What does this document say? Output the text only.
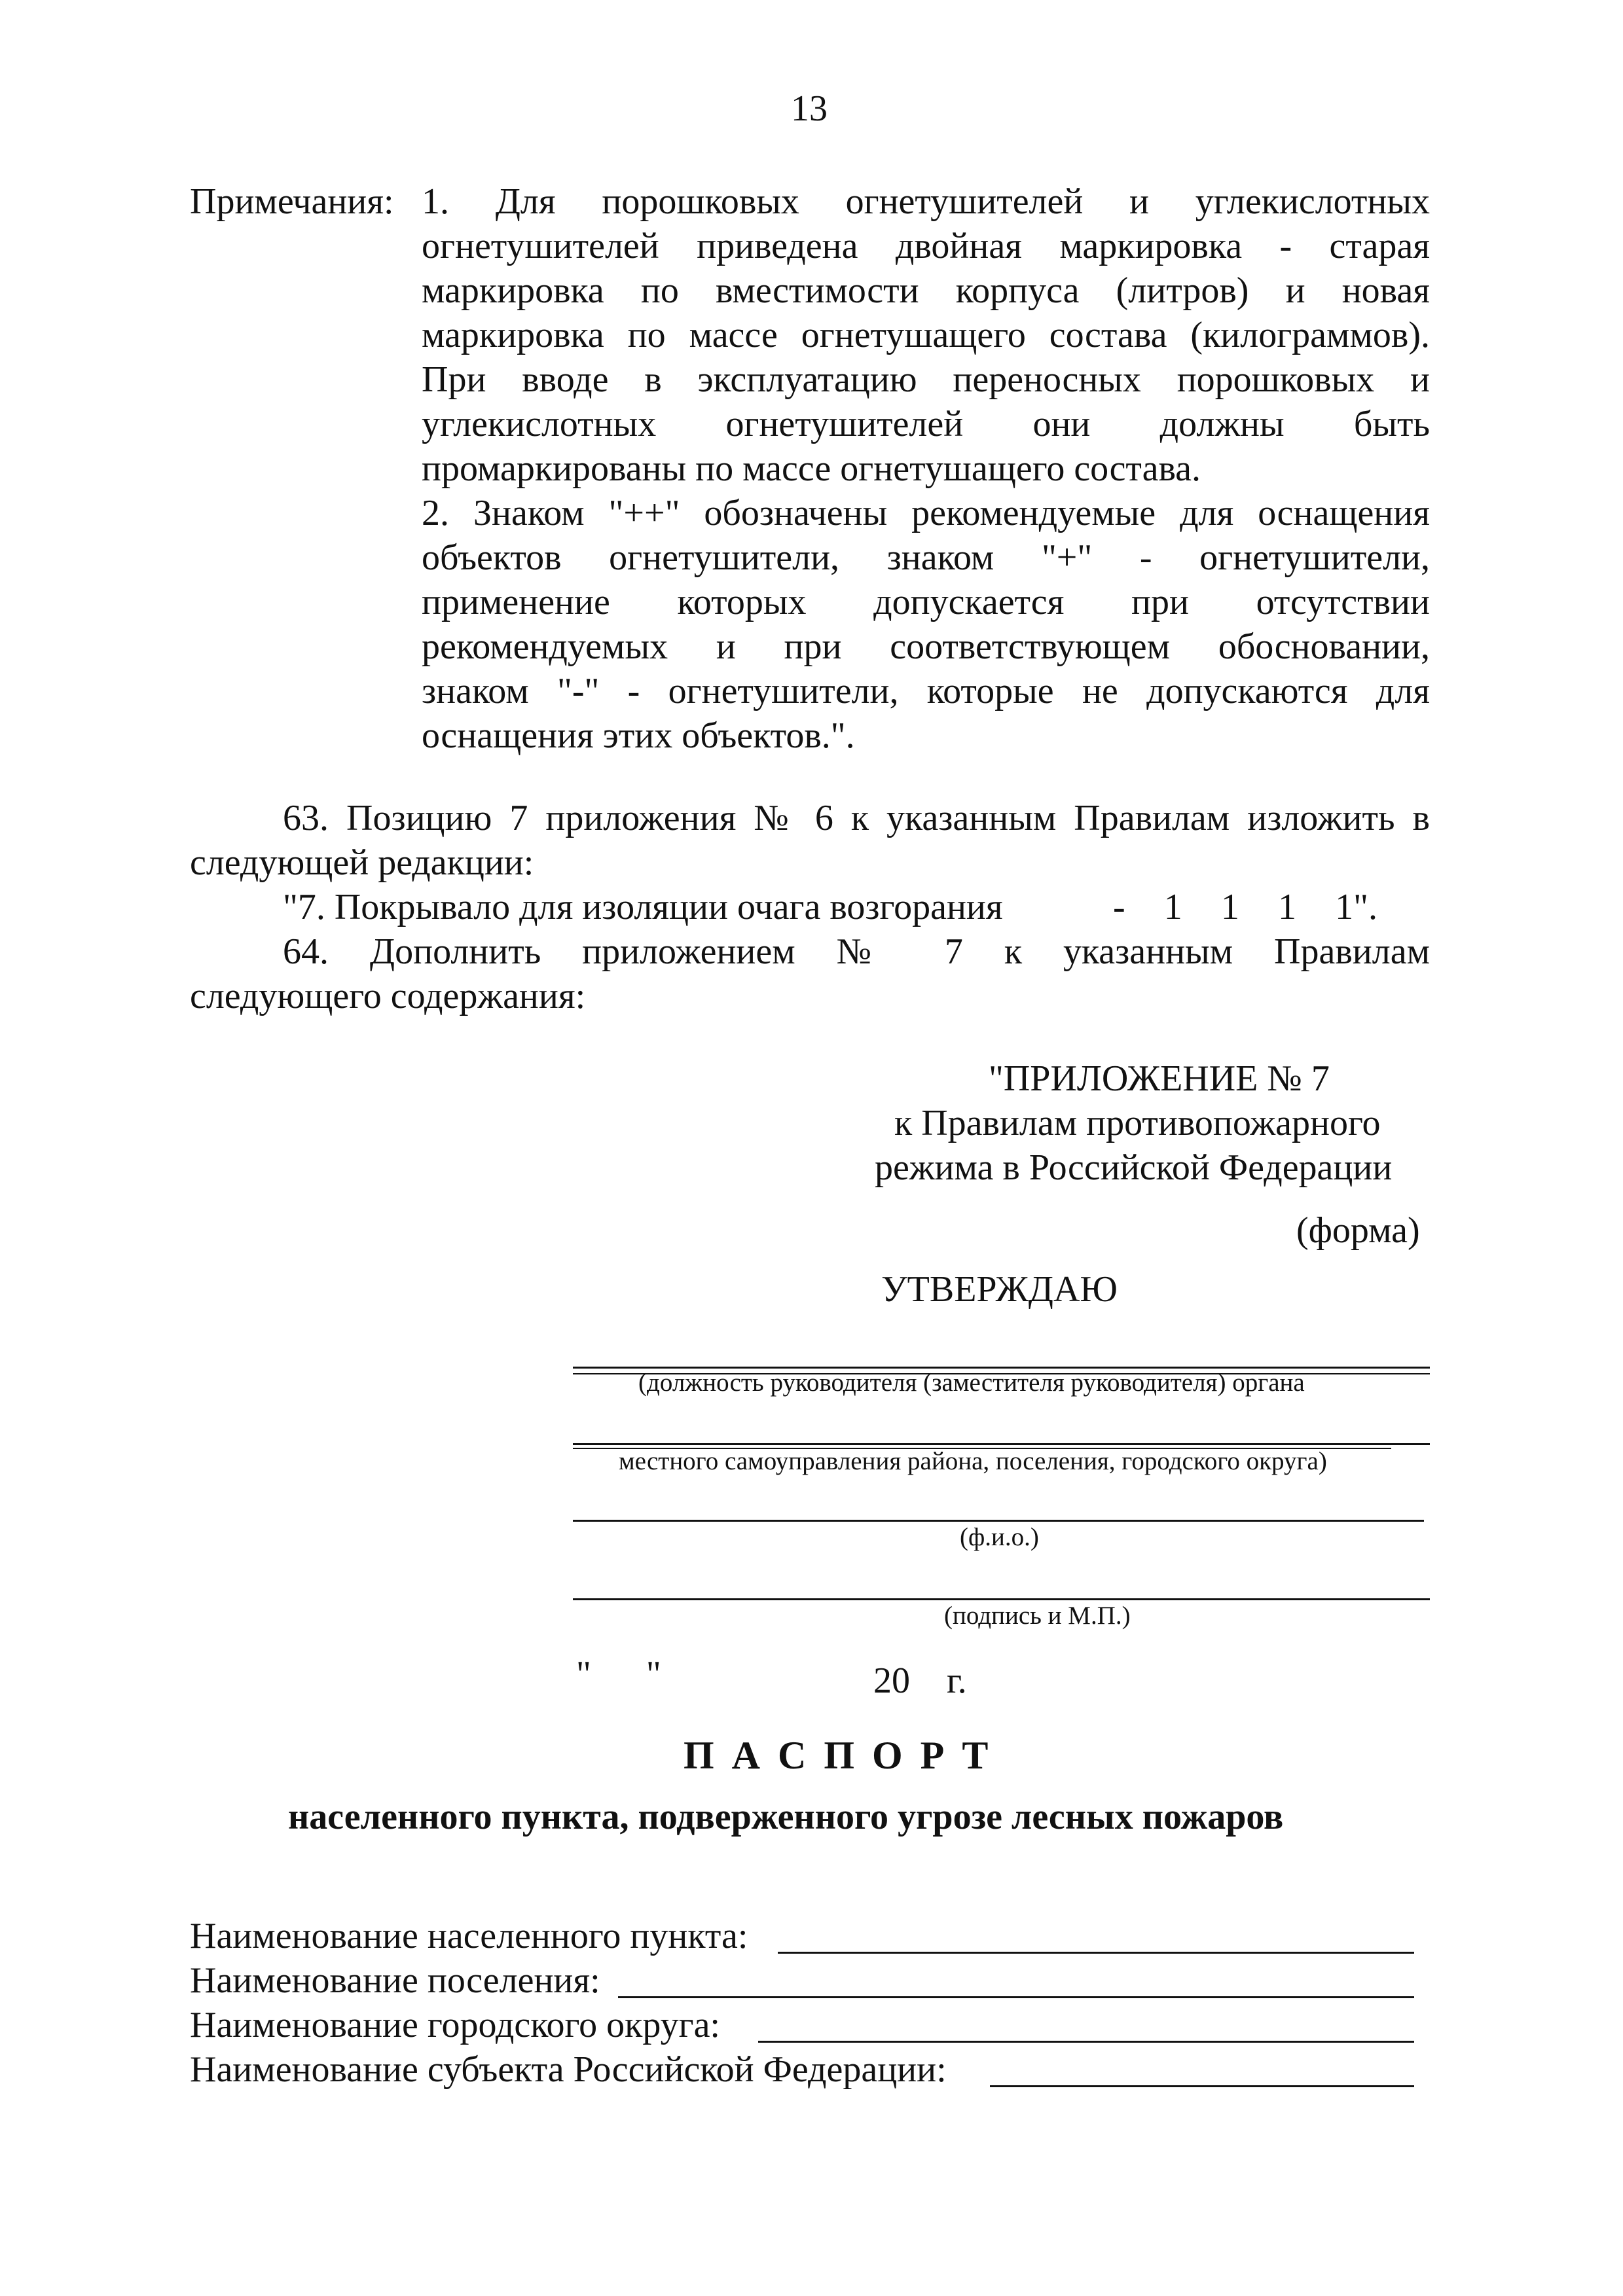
13
Примечания: 1. Для порошковых огнетушителей и углекислотных
огнетушителей приведена двойная маркировка - старая
маркировка по вместимости корпуса (литров) и новая
маркировка по массе огнетушащего состава (килограммов).
При вводе в эксплуатацию переносных порошковых и
углекислотных огнетушителей они должны быть
промаркированы по массе огнетушащего состава.
2. Знаком "++" обозначены рекомендуемые для оснащения
объектов огнетушители, знаком "+" - огнетушители,
применение которых допускается при отсутствии
рекомендуемых и при соответствующем обосновании,
знаком "-" - огнетушители, которые не допускаются для
оснащения этих объектов.".
63. Позицию 7 приложения № 6 к указанным Правилам изложить в
следующей редакции:
"7. Покрывало для изоляции очага возгорания	- 1 1 1 1".
64. Дополнить приложением № 7 к указанным Правилам
следующего содержания:
"ПРИЛОЖЕНИЕ № 7
к Правилам противопожарного
режима в Российской Федерации
(форма)
УТВЕРЖДАЮ
(должность руководителя (заместителя руководителя) органа
местного самоуправления района, поселения, городского округа)
(ф.и.о.)
(подпись и М.П.)
"      "	20    г.
П А С П О Р Т
населенного пункта, подверженного угрозе лесных пожаров
Наименование населенного пункта:
Наименование поселения:
Наименование городского округа:
Наименование субъекта Российской Федерации:
